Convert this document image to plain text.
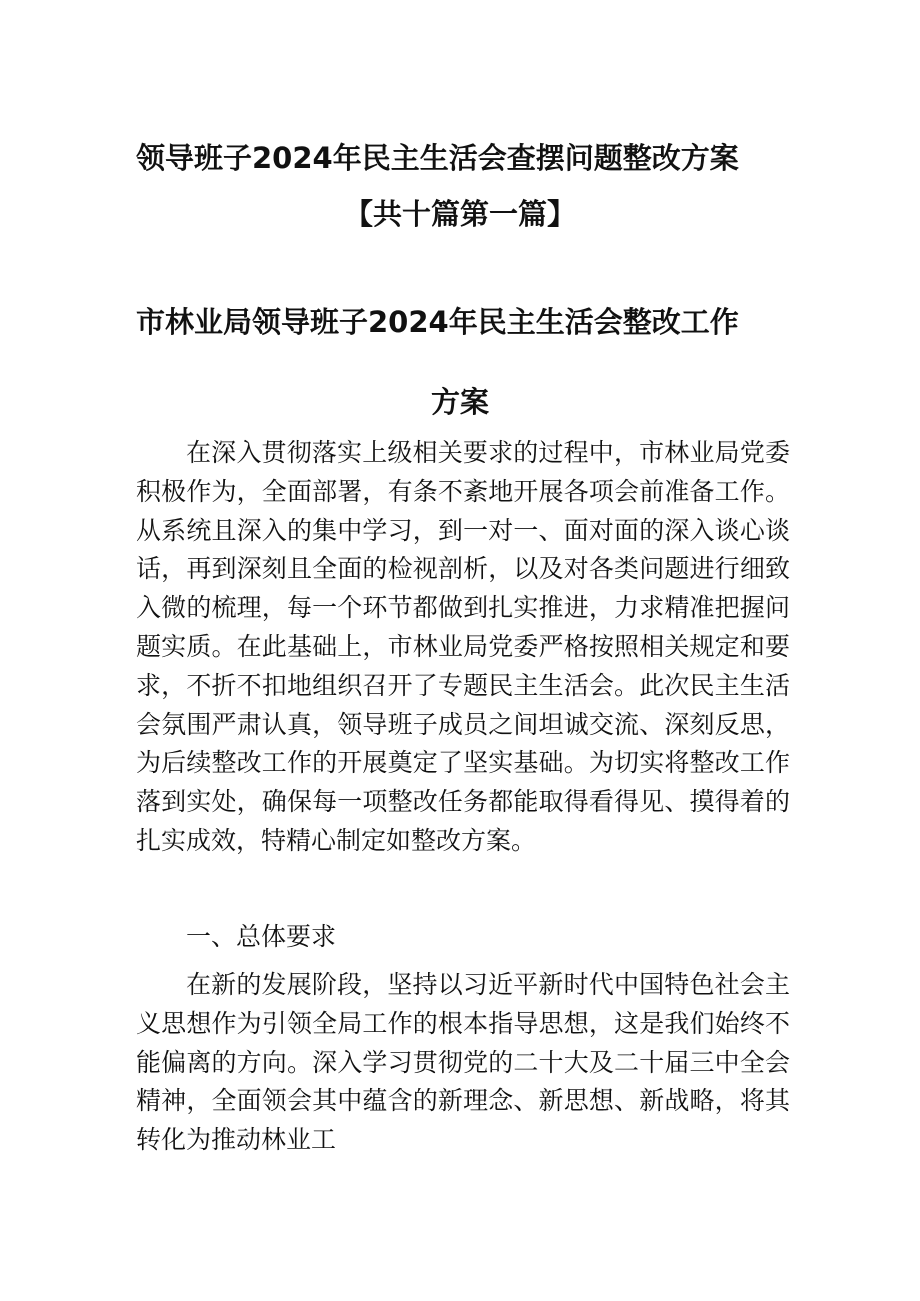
领导班子2024年民主生活会查摆问题整改方案
【共十篇第一篇】
市林业局领导班子2024年民主生活会整改工作
方案

在深入贯彻落实上级相关要求的过程中，市林业局党委积极作为，全面部署，有条不紊地开展各项会前准备工作。从系统且深入的集中学习，到一对一、面对面的深入谈心谈话，再到深刻且全面的检视剖析，以及对各类问题进行细致入微的梳理，每一个环节都做到扎实推进，力求精准把握问题实质。在此基础上，市林业局党委严格按照相关规定和要求，不折不扣地组织召开了专题民主生活会。此次民主生活会氛围严肃认真，领导班子成员之间坦诚交流、深刻反思，为后续整改工作的开展奠定了坚实基础。为切实将整改工作落到实处，确保每一项整改任务都能取得看得见、摸得着的扎实成效，特精心制定如整改方案。

一、总体要求

在新的发展阶段，坚持以习近平新时代中国特色社会主义思想作为引领全局工作的根本指导思想，这是我们始终不能偏离的方向。深入学习贯彻党的二十大及二十届三中全会精神，全面领会其中蕴含的新理念、新思想、新战略，将其转化为推动林业工
